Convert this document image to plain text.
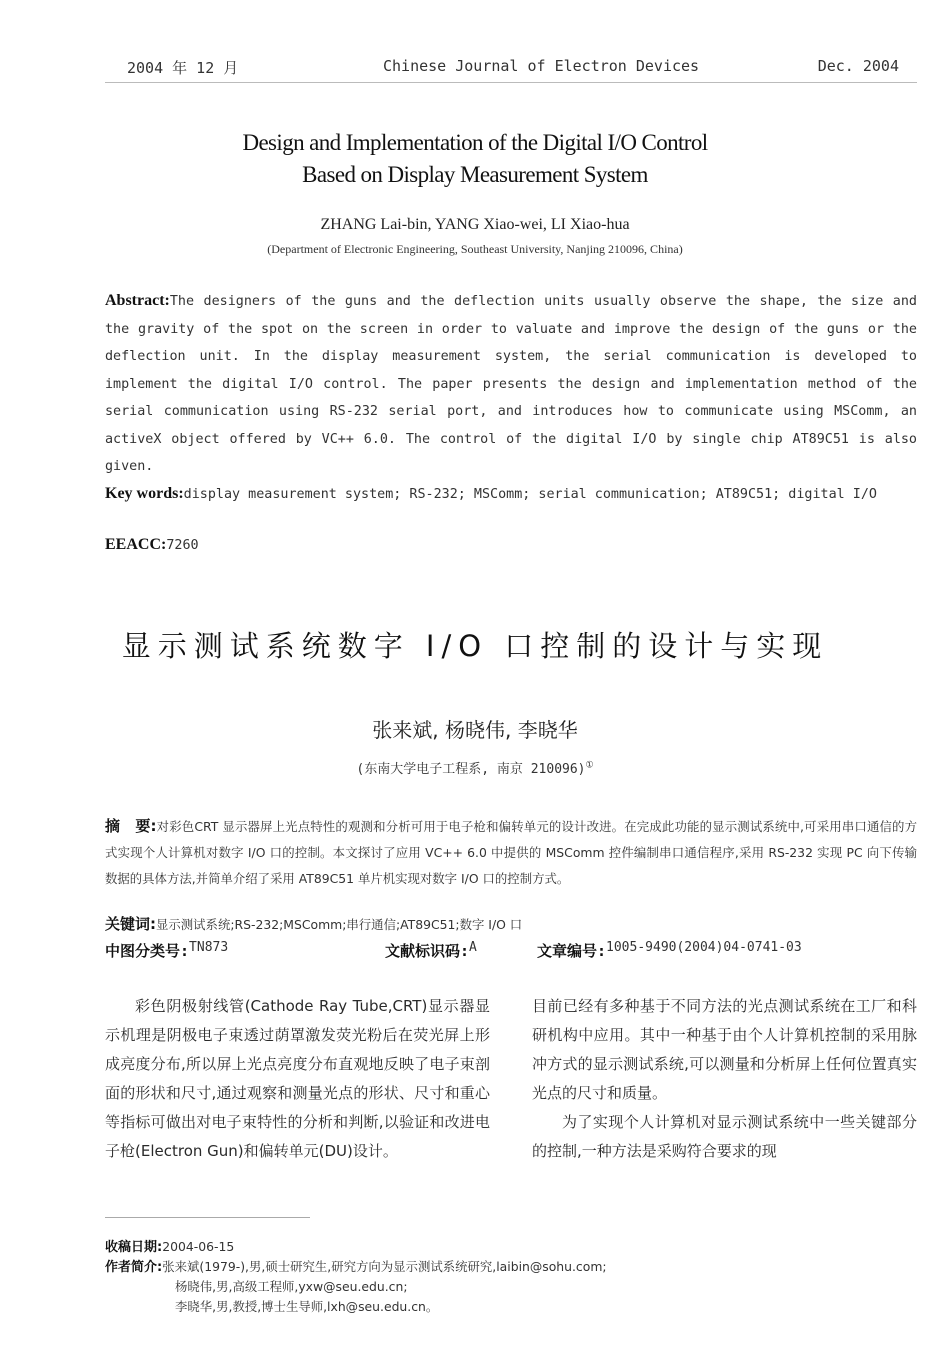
2004 年 12 月	Chinese Journal of Electron Devices	Dec. 2004
Design and Implementation of the Digital I/O Control
Based on Display Measurement System
ZHANG Lai-bin, YANG Xiao-wei, LI Xiao-hua
(Department of Electronic Engineering, Southeast University, Nanjing 210096, China)
Abstract:The designers of the guns and the deflection units usually observe the shape, the size and the gravity of the spot on the screen in order to valuate and improve the design of the guns or the deflection unit. In the display measurement system, the serial communication is developed to implement the digital I/O control. The paper presents the design and implementation method of the serial communication using RS-232 serial port, and introduces how to communicate using MSComm, an activeX object offered by VC++ 6.0. The control of the digital I/O by single chip AT89C51 is also given.
Key words:display measurement system; RS-232; MSComm; serial communication; AT89C51; digital I/O
EEACC:7260
显示测试系统数字 I/O 口控制的设计与实现
张来斌, 杨晓伟, 李晓华
(东南大学电子工程系, 南京 210096)①
摘　要:对彩色CRT 显示器屏上光点特性的观测和分析可用于电子枪和偏转单元的设计改进。在完成此功能的显示测试系统中,可采用串口通信的方式实现个人计算机对数字 I/O 口的控制。本文探讨了应用 VC++ 6.0 中提供的 MSComm 控件编制串口通信程序,采用 RS-232 实现 PC 向下传输数据的具体方法,并简单介绍了采用 AT89C51 单片机实现对数字 I/O 口的控制方式。
关键词:显示测试系统;RS-232;MSComm;串行通信;AT89C51;数字 I/O 口
中图分类号: TN873	文献标识码: A	文章编号: 1005-9490(2004)04-0741-03

彩色阴极射线管(Cathode Ray Tube,CRT)显示器显示机理是阴极电子束透过荫罩激发荧光粉后在荧光屏上形成亮度分布,所以屏上光点亮度分布直观地反映了电子束剖面的形状和尺寸,通过观察和测量光点的形状、尺寸和重心等指标可做出对电子束特性的分析和判断,以验证和改进电子枪(Electron Gun)和偏转单元(DU)设计。

目前已经有多种基于不同方法的光点测试系统在工厂和科研机构中应用。其中一种基于由个人计算机控制的采用脉冲方式的显示测试系统,可以测量和分析屏上任何位置真实光点的尺寸和质量。

为了实现个人计算机对显示测试系统中一些关键部分的控制,一种方法是采购符合要求的现

收稿日期:2004-06-15
作者简介:张来斌(1979-),男,硕士研究生,研究方向为显示测试系统研究,laibin@sohu.com;
杨晓伟,男,高级工程师,yxw@seu.edu.cn;
李晓华,男,教授,博士生导师,lxh@seu.edu.cn。
